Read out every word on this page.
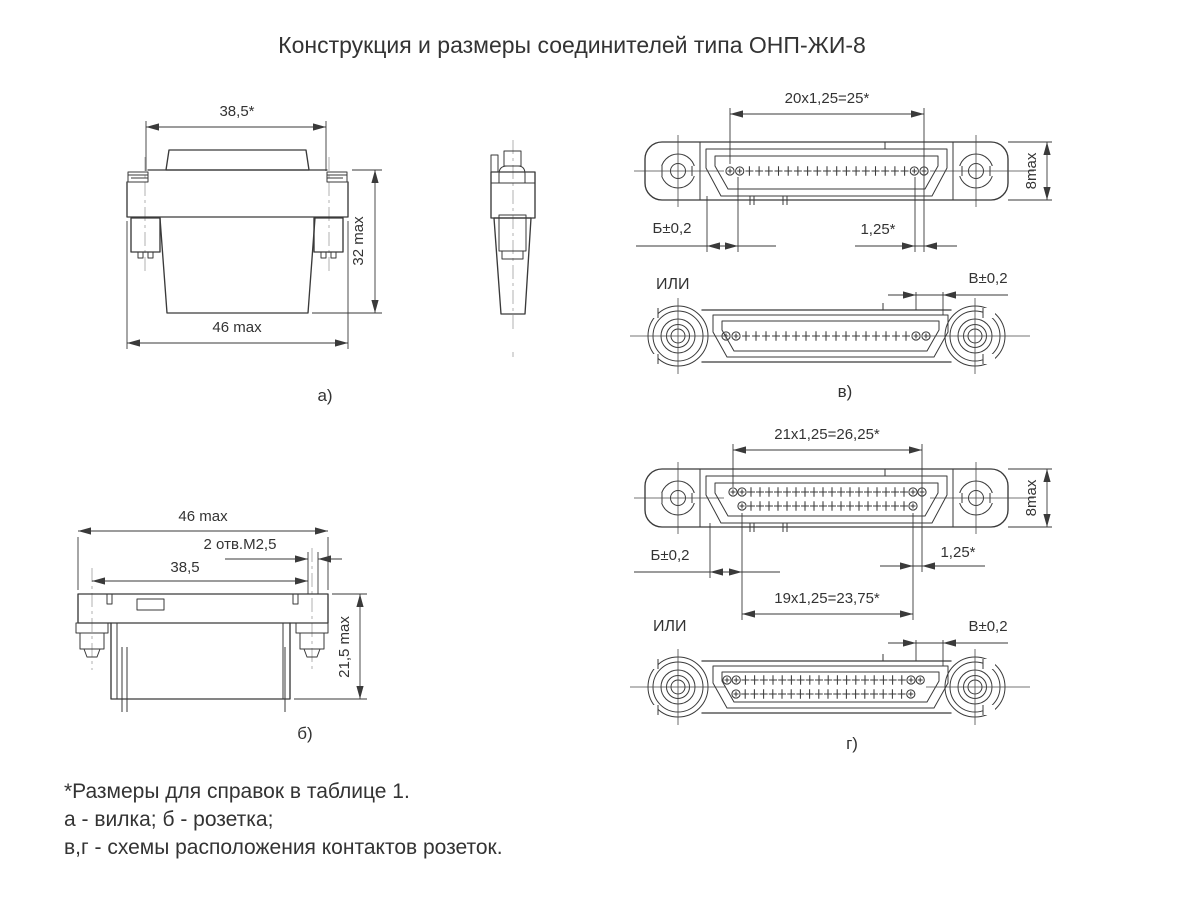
Конструкция и размеры соединителей типа ОНП-ЖИ-8
38,5*
32 max
46 max
а)
20x1,25=25*
8max
Б±0,2	1,25*
ИЛИ	В±0,2
в)
46 max
2 отв.М2,5
38,5
21,5 max
б)
21x1,25=26,25*
8max
Б±0,2	1,25*
19x1,25=23,75*
ИЛИ	В±0,2
г)
*Размеры для справок в таблице 1.
а - вилка; б - розетка;
в,г - схемы расположения контактов розеток.
